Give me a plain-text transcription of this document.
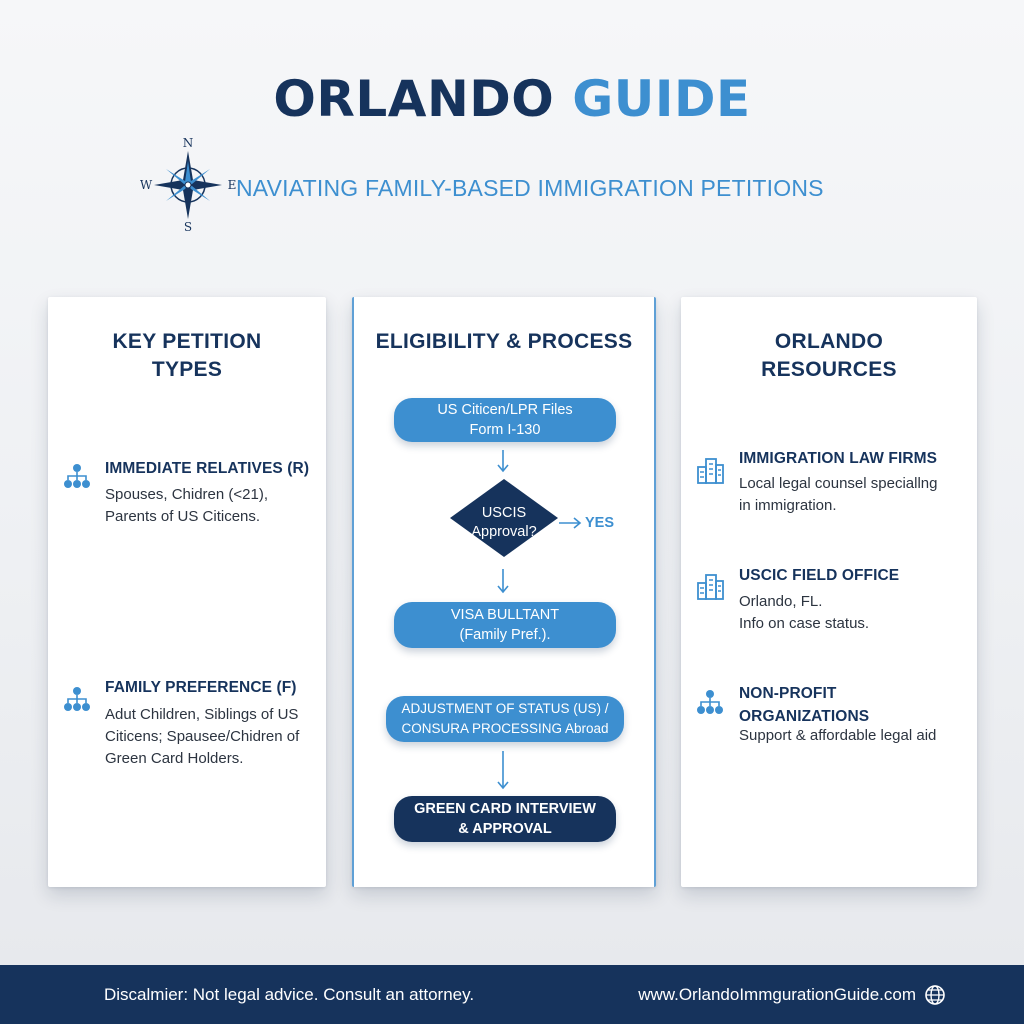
ORLANDO GUIDE
N
S
W	E NAVIATING FAMILY-BASED IMMIGRATION PETITIONS
KEY PETITION
TYPES
IMMEDIATE RELATIVES (R)
Spouses, Chidren (<21),
Parents of US Citicens.
FAMILY PREFERENCE (F)
Adut Children, Siblings of US
Citicens; Spausee/Chidren of
Green Card Holders.
ELIGIBILITY & PROCESS
US Citicen/LPR Files
Form I-130
USCIS
Approval?
YES
VISA BULLTANT
(Family Pref.).
ADJUSTMENT OF STATUS (US) /
CONSURA PROCESSING Abroad
GREEN CARD INTERVIEW
& APPROVAL
ORLANDO
RESOURCES
IMMIGRATION LAW FIRMS
Local legal counsel speciallng
in immigration.
USCIC FIELD OFFICE
Orlando, FL.
Info on case status.
NON-PROFIT
ORGANIZATIONS
Support & affordable legal aid
Discalmier: Not legal advice. Consult an attorney.	www.OrlandoImmgurationGuide.com
